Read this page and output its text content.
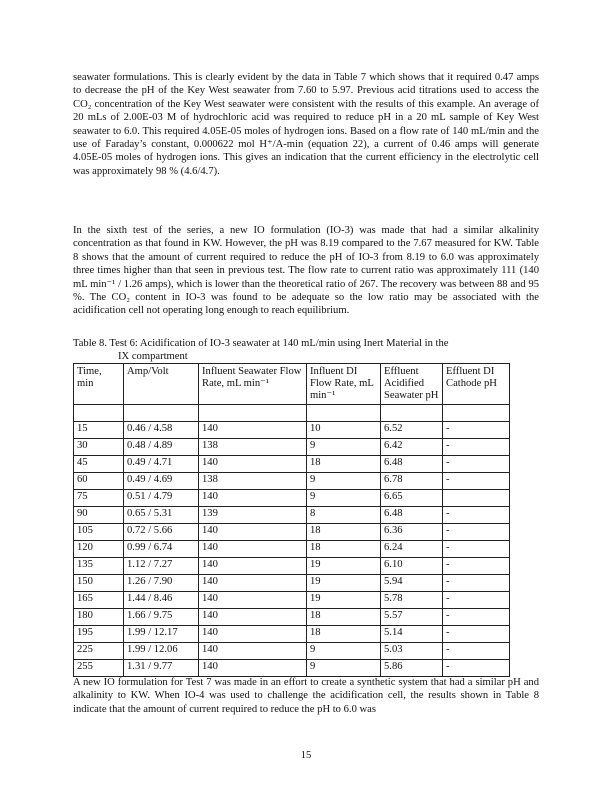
seawater formulations. This is clearly evident by the data in Table 7 which shows that it required 0.47 amps to decrease the pH of the Key West seawater from 7.60 to 5.97. Previous acid titrations used to access the CO₂ concentration of the Key West seawater were consistent with the results of this example. An average of 20 mLs of 2.00E-03 M of hydrochloric acid was required to reduce pH in a 20 mL sample of Key West seawater to 6.0. This required 4.05E-05 moles of hydrogen ions. Based on a flow rate of 140 mL/min and the use of Faraday’s constant, 0.000622 mol H⁺/A-min (equation 22), a current of 0.46 amps will generate 4.05E-05 moles of hydrogen ions. This gives an indication that the current efficiency in the electrolytic cell was approximately 98 % (4.6/4.7).

In the sixth test of the series, a new IO formulation (IO-3) was made that had a similar alkalinity concentration as that found in KW. However, the pH was 8.19 compared to the 7.67 measured for KW. Table 8 shows that the amount of current required to reduce the pH of IO-3 from 8.19 to 6.0 was approximately three times higher than that seen in previous test. The flow rate to current ratio was approximately 111 (140 mL min⁻¹ / 1.26 amps), which is lower than the theoretical ratio of 267. The recovery was between 88 and 95 %. The CO₂ content in IO-3 was found to be adequate so the low ratio may be associated with the acidification cell not operating long enough to reach equilibrium.

Table 8. Test 6: Acidification of IO-3 seawater at 140 mL/min using Inert Material in the
IX compartment

Time, min	Amp/Volt	Influent Seawater Flow Rate, mL min⁻¹	Influent DI Flow Rate, mL min⁻¹	Effluent Acidified Seawater pH	Effluent DI Cathode pH

15	0.46 / 4.58	140	10	6.52	-
30	0.48 / 4.89	138	9	6.42	-
45	0.49 / 4.71	140	18	6.48	-
60	0.49 / 4.69	138	9	6.78	-
75	0.51 / 4.79	140	9	6.65	
90	0.65 / 5.31	139	8	6.48	-
105	0.72 / 5.66	140	18	6.36	-
120	0.99 / 6.74	140	18	6.24	-
135	1.12 / 7.27	140	19	6.10	-
150	1.26 / 7.90	140	19	5.94	-
165	1.44 / 8.46	140	19	5.78	-
180	1.66 / 9.75	140	18	5.57	-
195	1.99 / 12.17	140	18	5.14	-
225	1.99 / 12.06	140	9	5.03	-
255	1.31 / 9.77	140	9	5.86	-

A new IO formulation for Test 7 was made in an effort to create a synthetic system that had a similar pH and alkalinity to KW. When IO-4 was used to challenge the acidification cell, the results shown in Table 8 indicate that the amount of current required to reduce the pH to 6.0 was

15
